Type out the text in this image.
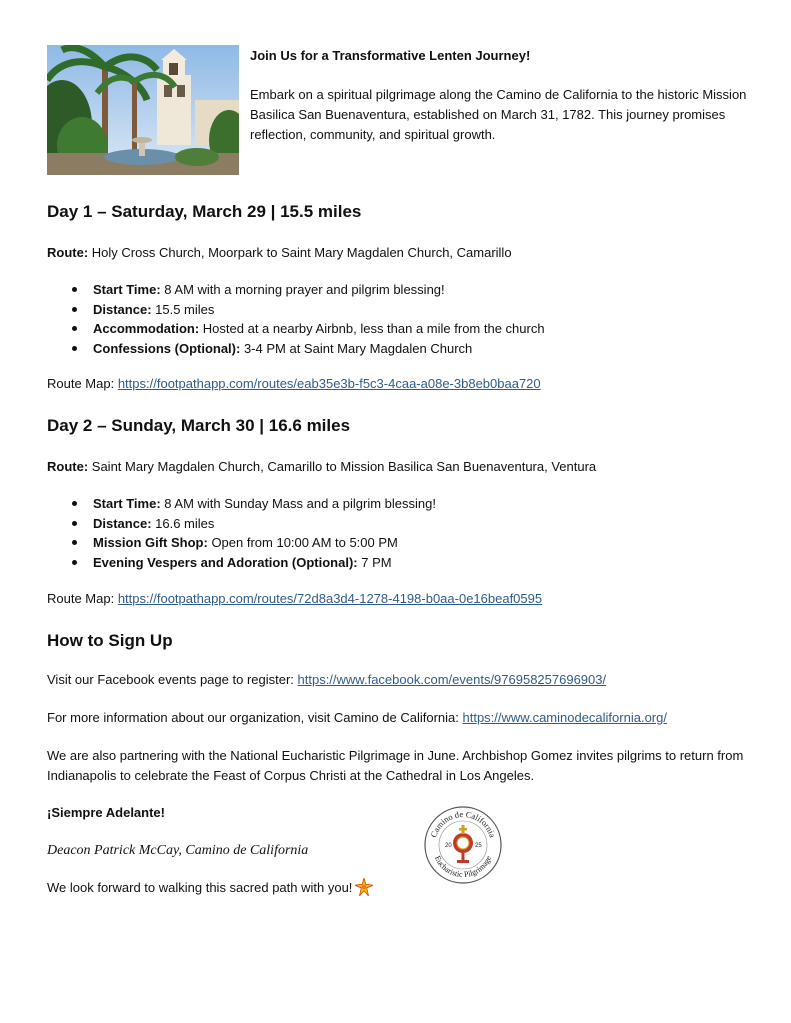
Join Us for a Transformative Lenten Journey!

Embark on a spiritual pilgrimage along the Camino de California to the historic Mission Basilica San Buenaventura, established on March 31, 1782. This journey promises reflection, community, and spiritual growth.

Day 1 – Saturday, March 29 | 15.5 miles

Route: Holy Cross Church, Moorpark to Saint Mary Magdalen Church, Camarillo

Start Time: 8 AM with a morning prayer and pilgrim blessing!
Distance: 15.5 miles
Accommodation: Hosted at a nearby Airbnb, less than a mile from the church
Confessions (Optional): 3-4 PM at Saint Mary Magdalen Church

Route Map: https://footpathapp.com/routes/eab35e3b-f5c3-4caa-a08e-3b8eb0baa720

Day 2 – Sunday, March 30 | 16.6 miles

Route: Saint Mary Magdalen Church, Camarillo to Mission Basilica San Buenaventura, Ventura

Start Time: 8 AM with Sunday Mass and a pilgrim blessing!
Distance: 16.6 miles
Mission Gift Shop: Open from 10:00 AM to 5:00 PM
Evening Vespers and Adoration (Optional): 7 PM

Route Map: https://footpathapp.com/routes/72d8a3d4-1278-4198-b0aa-0e16beaf0595

How to Sign Up

Visit our Facebook events page to register: https://www.facebook.com/events/976958257696903/

For more information about our organization, visit Camino de California: https://www.caminodecalifornia.org/

We are also partnering with the National Eucharistic Pilgrimage in June. Archbishop Gomez invites pilgrims to return from Indianapolis to celebrate the Feast of Corpus Christi at the Cathedral in Los Angeles.

¡Siempre Adelante!

Deacon Patrick McCay, Camino de California

We look forward to walking this sacred path with you!

Camino de California
Eucharistic Pilgrimage
20	25
